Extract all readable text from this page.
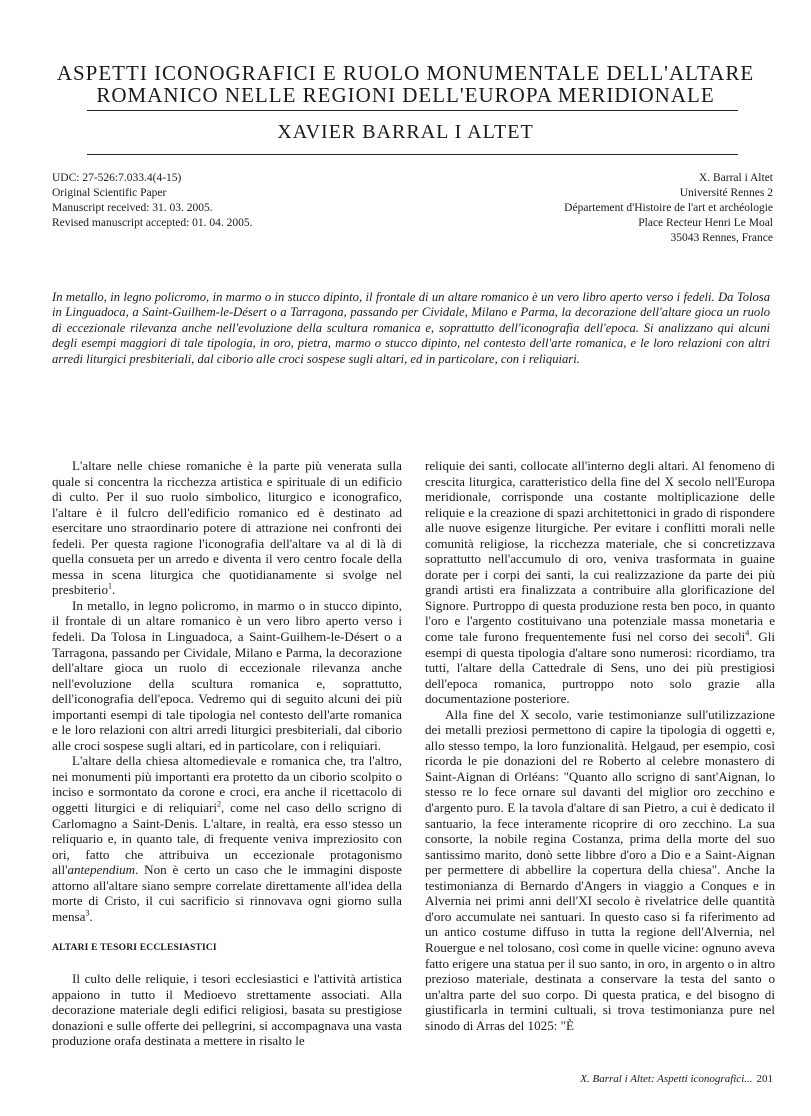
ASPETTI ICONOGRAFICI E RUOLO MONUMENTALE DELL'ALTARE
ROMANICO NELLE REGIONI DELL'EUROPA MERIDIONALE
XAVIER BARRAL I ALTET
UDC: 27-526:7.033.4(4-15)
Original Scientific Paper
Manuscript received: 31. 03. 2005.
Revised manuscript accepted: 01. 04. 2005.
X. Barral i Altet
Université Rennes 2
Département d'Histoire de l'art et archéologie
Place Recteur Henri Le Moal
35043 Rennes, France

In metallo, in legno policromo, in marmo o in stucco dipinto, il frontale di un altare romanico è un vero libro aperto verso i fedeli. Da Tolosa in Linguadoca, a Saint-Guilhem-le-Désert o a Tarragona, passando per Cividale, Milano e Parma, la decorazione dell'altare gioca un ruolo di eccezionale rilevanza anche nell'evoluzione della scultura romanica e, soprattutto dell'iconografia dell'epoca. Si analizzano qui alcuni degli esempi maggiori di tale tipologia, in oro, pietra, marmo o stucco dipinto, nel contesto dell'arte romanica, e le loro relazioni con altri arredi liturgici presbiteriali, dal ciborio alle croci sospese sugli altari, ed in particolare, con i reliquiari.

L'altare nelle chiese romaniche è la parte più venerata sulla quale si concentra la ricchezza artistica e spirituale di un edificio di culto. Per il suo ruolo simbolico, liturgico e iconografico, l'altare è il fulcro dell'edificio romanico ed è destinato ad esercitare uno straordinario potere di attrazione nei confronti dei fedeli. Per questa ragione l'iconografia dell'altare va al di là di quella consueta per un arredo e diventa il vero centro focale della messa in scena liturgica che quotidianamente si svolge nel presbiterio$^1$.

In metallo, in legno policromo, in marmo o in stucco dipinto, il frontale di un altare romanico è un vero libro aperto verso i fedeli. Da Tolosa in Linguadoca, a Saint-Guilhem-le-Désert o a Tarragona, passando per Cividale, Milano e Parma, la decorazione dell'altare gioca un ruolo di eccezionale rilevanza anche nell'evoluzione della scultura romanica e, soprattutto, dell'iconografia dell'epoca. Vedremo qui di seguito alcuni dei più importanti esempi di tale tipologia nel contesto dell'arte romanica e le loro relazioni con altri arredi liturgici presbiteriali, dal ciborio alle croci sospese sugli altari, ed in particolare, con i reliquiari.

L'altare della chiesa altomedievale e romanica che, tra l'altro, nei monumenti più importanti era protetto da un ciborio scolpito o inciso e sormontato da corone e croci, era anche il ricettacolo di oggetti liturgici e di reliquiari$^2$, come nel caso dello scrigno di Carlomagno a Saint-Denis. L'altare, in realtà, era esso stesso un reliquario e, in quanto tale, di frequente veniva impreziosito con ori, fatto che attribuiva un eccezionale protagonismo all'antependium. Non è certo un caso che le immagini disposte attorno all'altare siano sempre correlate direttamente all'idea della morte di Cristo, il cui sacrificio si rinnovava ogni giorno sulla mensa$^3$.

ALTARI E TESORI ECCLESIASTICI

Il culto delle reliquie, i tesori ecclesiastici e l'attività artistica appaiono in tutto il Medioevo strettamente associati. Alla decorazione materiale degli edifici religiosi, basata su prestigiose donazioni e sulle offerte dei pellegrini, si accompagnava una vasta produzione orafa destinata a mettere in risalto le

reliquie dei santi, collocate all'interno degli altari. Al fenomeno di crescita liturgica, caratteristico della fine del X secolo nell'Europa meridionale, corrisponde una costante moltiplicazione delle reliquie e la creazione di spazi architettonici in grado di rispondere alle nuove esigenze liturgiche. Per evitare i conflitti morali nelle comunità religiose, la ricchezza materiale, che si concretizzava soprattutto nell'accumulo di oro, veniva trasformata in guaine dorate per i corpi dei santi, la cui realizzazione da parte dei più grandi artisti era finalizzata a contribuire alla glorificazione del Signore. Purtroppo di questa produzione resta ben poco, in quanto l'oro e l'argento costituivano una potenziale massa monetaria e come tale furono frequentemente fusi nel corso dei secoli$^4$. Gli esempi di questa tipologia d'altare sono numerosi: ricordiamo, tra tutti, l'altare della Cattedrale di Sens, uno dei più prestigiosi dell'epoca romanica, purtroppo noto solo grazie alla documentazione posteriore.

Alla fine del X secolo, varie testimonianze sull'utilizzazione dei metalli preziosi permettono di capire la tipologia di oggetti e, allo stesso tempo, la loro funzionalità. Helgaud, per esempio, così ricorda le pie donazioni del re Roberto al celebre monastero di Saint-Aignan di Orléans: "Quanto allo scrigno di sant'Aignan, lo stesso re lo fece ornare sul davanti del miglior oro zecchino e d'argento puro. E la tavola d'altare di san Pietro, a cui è dedicato il santuario, la fece interamente ricoprire di oro zecchino. La sua consorte, la nobile regina Costanza, prima della morte del suo santissimo marito, donò sette libbre d'oro a Dio e a Saint-Aignan per permettere di abbellire la copertura della chiesa". Anche la testimonianza di Bernardo d'Angers in viaggio a Conques e in Alvernia nei primi anni dell'XI secolo è rivelatrice delle quantità d'oro accumulate nei santuari. In questo caso si fa riferimento ad un antico costume diffuso in tutta la regione dell'Alvernia, nel Rouergue e nel tolosano, così come in quelle vicine: ognuno aveva fatto erigere una statua per il suo santo, in oro, in argento o in altro prezioso materiale, destinata a conservare la testa del santo o un'altra parte del suo corpo. Di questa pratica, e del bisogno di giustificarla in termini cultuali, si trova testimonianza pure nel sinodo di Arras del 1025: "È

X. Barral i Altet: Aspetti iconografici... 201
